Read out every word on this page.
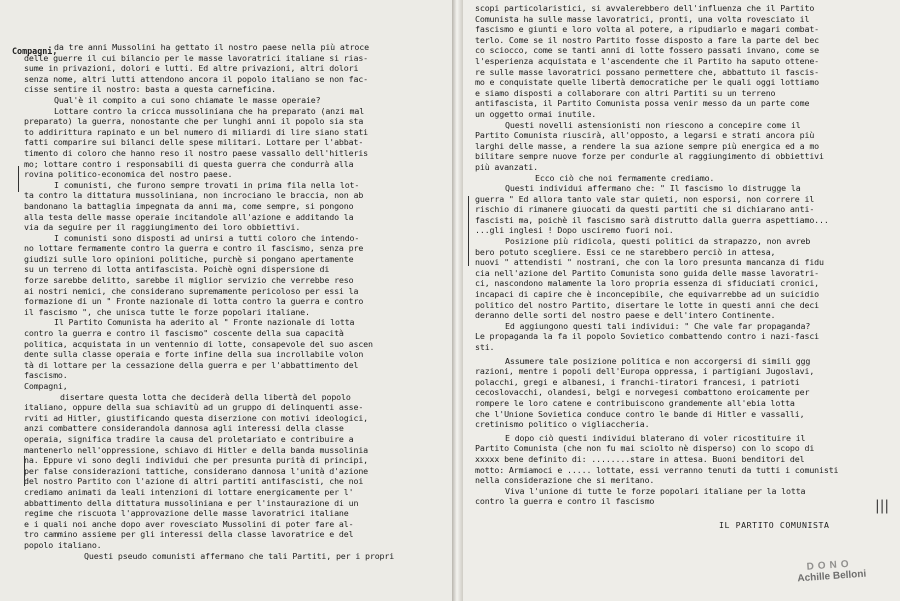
Compagni,
da tre anni Mussolini ha gettato il nostro paese nella più atroce
delle guerre il cui bilancio per le masse lavoratrici italiane si rias-
sume in privazioni, dolori e lutti. Ed altre privazioni, altri dolori
senza nome, altri lutti attendono ancora il popolo italiano se non fac-
cisse sentire il nostro: basta a questa carneficina.
Qual'è il compito a cui sono chiamate le masse operaie?
Lottare contro la cricca mussoliniana che ha preparato (anzi mal
preparato) la guerra, nonostante che per lunghi anni il popolo sia sta
to addirittura rapinato e un bel numero di miliardi di lire siano stati
fatti comparire sui bilanci delle spese militari. Lottare per l'abbat-
timento di coloro che hanno reso il nostro paese vassallo dell'hitleris
mo; lottare contro i responsabili di questa guerra che condurrà alla
rovina politico-economica del nostro paese.
I comunisti, che furono sempre trovati in prima fila nella lot-
ta contro la dittatura mussoliniana, non incrociano le braccia, non ab
bandonano la battaglia impegnata da anni ma, come sempre, si pongono
alla testa delle masse operaie incitandole all'azione e additando la
via da seguire per il raggiungimento dei loro obbiettivi.
I comunisti sono disposti ad unirsi a tutti coloro che intendo-
no lottare fermamente contro la guerra e contro il fascismo, senza pre
giudizi sulle loro opinioni politiche, purchè si pongano apertamente
su un terreno di lotta antifascista. Poichè ogni dispersione di
forze sarebbe delitto, sarebbe il miglior servizio che verrebbe reso
ai nostri nemici, che considerano supremamente pericoloso per essi la
formazione di un " Fronte nazionale di lotta contro la guerra e contro
il fascismo ", che unisca tutte le forze popolari italiane.
Il Partito Comunista ha aderito al " Fronte nazionale di lotta
contro la guerra e contro il fascismo" coscente della sua capacità
politica, acquistata in un ventennio di lotte, consapevole del suo ascen
dente sulla classe operaia e forte infine della sua incrollabile volon
tà di lottare per la cessazione della guerra e per l'abbattimento del
fascismo.
Compagni,
disertare questa lotta che deciderà della libertà del popolo
italiano, oppure della sua schiavitù ad un gruppo di delinquenti asse-
rviti ad Hitler, giustificando questa diserzione con motivi ideologici,
anzi combattere considerandola dannosa agli interessi della classe
operaia, significa tradire la causa del proletariato e contribuire a
mantenerlo nell'oppressione, schiavo di Hitler e della banda mussolinia
na. Eppure vi sono degli individui che per presunta purità di principi,
per false considerazioni tattiche, considerano dannosa l'unità d'azione
del nostro Partito con l'azione di altri partiti antifascisti, che noi
crediamo animati da leali intenzioni di lottare energicamente per l'
abbattimento della dittatura mussoliniana e per l'instaurazione di un
regime che riscuota l'approvazione delle masse lavoratrici italiane
e i quali noi anche dopo aver rovesciato Mussolini di poter fare al-
tro cammino assieme per gli interessi della classe lavoratrice e del
popolo italiano.
Questi pseudo comunisti affermano che tali Partiti, per i propri
scopi particolaristici, si avvalerebbero dell'influenza che il Partito
Comunista ha sulle masse lavoratrici, pronti, una volta rovesciato il
fascismo e giunti e loro volta al potere, a ripudiarlo e magari combat-
terlo. Come se il nostro Partito fosse disposto a fare la parte del bec
co sciocco, come se tanti anni di lotte fossero passati invano, come se
l'esperienza acquistata e l'ascendente che il Partito ha saputo ottene-
re sulle masse lavoratrici possano permettere che, abbattuto il fascis-
mo e conquistate quelle libertà democratiche per le quali oggi lottiamo
e siamo disposti a collaborare con altri Partiti su un terreno
antifascista, il Partito Comunista possa venir messo da un parte come
un oggetto ormai inutile.
Questi novelli astensionisti non riescono a concepire come il
Partito Comunista riuscirà, all'opposto, a legarsi e strati ancora più
larghi delle masse, a rendere la sua azione sempre più energica ed a mo
bilitare sempre nuove forze per condurle al raggiungimento di obbiettivi
più avanzati.
Ecco ciò che noi fermamente crediamo.
Questi individui affermano che: " Il fascismo lo distrugge la
guerra " Ed allora tanto vale star quieti, non esporsi, non correre il
rischio di rimanere giuocati da questi partiti che si dichiarano anti-
fascisti ma, poichè il fascismo sarà distrutto dalla guerra aspettiamo...
...gli inglesi ! Dopo usciremo fuori noi.
Posizione più ridicola, questi politici da strapazzo, non avreb
bero potuto scegliere. Essi ce ne starebbero perciò in attesa,
nuovi " attendisti " nostrani, che con la loro presunta mancanza di fidu
cia nell'azione del Partito Comunista sono guida delle masse lavoratri-
ci, nascondono malamente la loro propria essenza di sfiduciati cronici,
incapaci di capire che è inconcepibile, che equivarrebbe ad un suicidio
politico del nostro Partito, disertare le lotte in questi anni che deci
deranno delle sorti del nostro paese e dell'intero Continente.
Ed aggiungono questi tali individui: " Che vale far propaganda?
Le propaganda la fa il popolo Sovietico combattendo contro i nazi-fasci
sti.
Assumere tale posizione politica e non accorgersi di simili ggg
razioni, mentre i popoli dell'Europa oppressa, i partigiani Jugoslavi,
polacchi, gregi e albanesi, i franchi-tiratori francesi, i patrioti
cecoslovacchi, olandesi, belgi e norvegesi combattono eroicamente per
rompere le loro catene e contribuiscono grandemente all'ebia lotta
che l'Unione Sovietica conduce contro le bande di Hitler e vassalli,
cretinismo politico o vigliaccheria.
E dopo ciò questi individui blaterano di voler ricostituire il
Partito Comunista (che non fu mai sciolto nè disperso) con lo scopo di
xxxxx bene definito di: ........stare in attesa. Buoni benditori del
motto: Armiamoci e ..... lottate, essi verranno tenuti da tutti i comunisti
nella considerazione che si meritano.
Viva l'unione di tutte le forze popolari italiane per la lotta
contro la guerra e contro il fascismo
IL PARTITO COMUNISTA
DONO
Achille Belloni
|||
